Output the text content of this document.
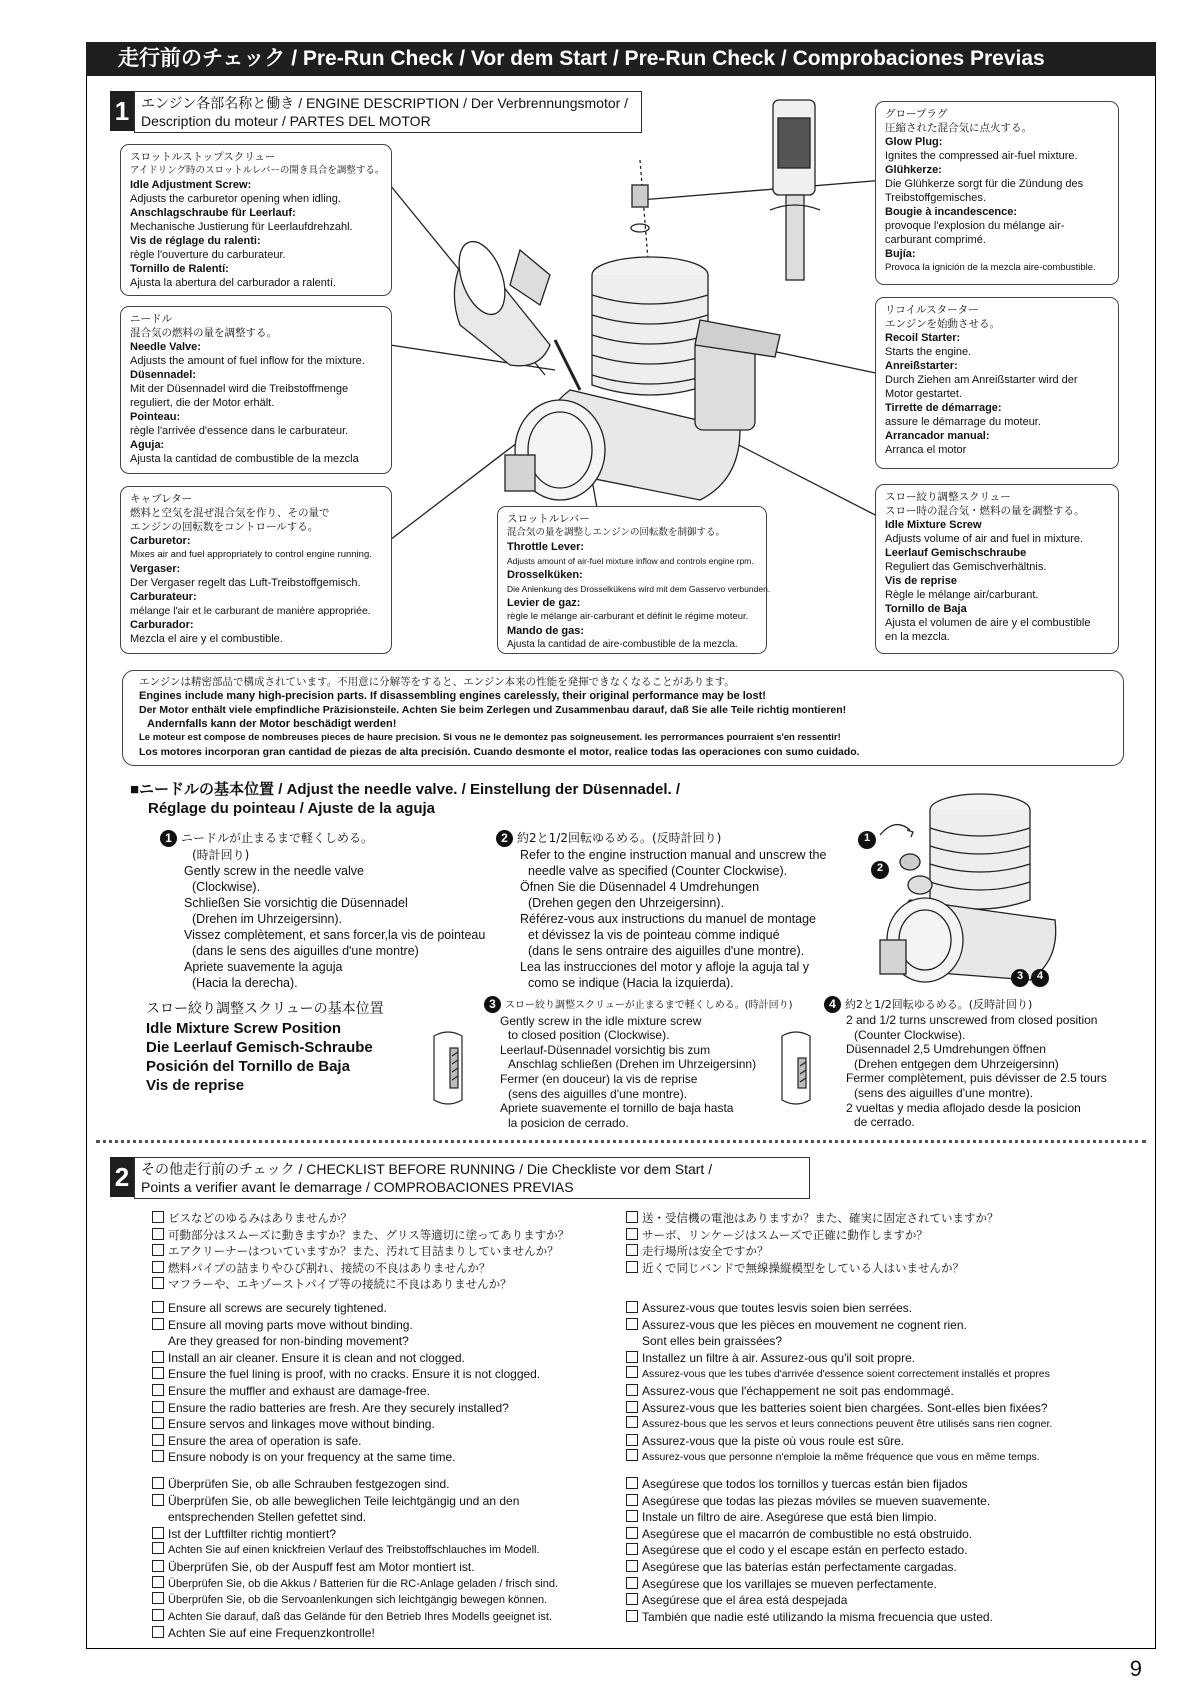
走行前のチェック / Pre-Run Check / Vor dem Start / Pre-Run Check / Comprobaciones Previas
1 エンジン各部名称と働き / ENGINE DESCRIPTION / Der Verbrennungsmotor /
Description du moteur / PARTES DEL MOTOR
スロットルストップスクリュー
アイドリング時のスロットルレバーの開き具合を調整する。
Idle Adjustment Screw:
Adjusts the carburetor opening when idling.
Anschlagschraube für Leerlauf:
Mechanische Justierung für Leerlaufdrehzahl.
Vis de réglage du ralenti:
règle l'ouverture du carburateur.
Tornillo de Ralentí:
Ajusta la abertura del carburador a ralentí.
ニードル
混合気の燃料の量を調整する。
Needle Valve:
Adjusts the amount of fuel inflow for the mixture.
Düsennadel:
Mit der Düsennadel wird die Treibstoffmenge
reguliert, die der Motor erhält.
Pointeau:
règle l'arrivée d'essence dans le carburateur.
Aguja:
Ajusta la cantidad de combustible de la mezcla
キャブレター
燃料と空気を混ぜ混合気を作り、その量で
エンジンの回転数をコントロールする。
Carburetor:
Mixes air and fuel appropriately to control engine running.
Vergaser:
Der Vergaser regelt das Luft-Treibstoffgemisch.
Carburateur:
mélange l'air et le carburant de manière appropriée.
Carburador:
Mezcla el aire y el combustible.
スロットルレバー
混合気の量を調整しエンジンの回転数を制御する。
Throttle Lever:
Adjusts amount of air-fuel mixture inflow and controls engine rpm.
Drosselküken:
Die Anlenkung des Drosselkükens wird mit dem Gasservo verbunden.
Levier de gaz:
règle le mélange air-carburant et définit le régime moteur.
Mando de gas:
Ajusta la cantidad de aire-combustible de la mezcla.
グロープラグ
圧縮された混合気に点火する。
Glow Plug:
Ignites the compressed air-fuel mixture.
Glühkerze:
Die Glühkerze sorgt für die Zündung des
Treibstoffgemisches.
Bougie à incandescence:
provoque l'explosion du mélange air-
carburant comprimé.
Bujía:
Provoca la ignición de la mezcla aire-combustible.
リコイルスターター
エンジンを始動させる。
Recoil Starter:
Starts the engine.
Anreißstarter:
Durch Ziehen am Anreißstarter wird der
Motor gestartet.
Tirrette de démarrage:
assure le démarrage du moteur.
Arrancador manual:
Arranca el motor
スロー絞り調整スクリュー
スロー時の混合気・燃料の量を調整する。
Idle Mixture Screw
Adjusts volume of air and fuel in mixture.
Leerlauf Gemischschraube
Reguliert das Gemischverhältnis.
Vis de reprise
Règle le mélange air/carburant.
Tornillo de Baja
Ajusta el volumen de aire y el combustible
en la mezcla.
エンジンは精密部品で構成されています。不用意に分解等をすると、エンジン本来の性能を発揮できなくなることがあります。
Engines include many high-precision parts. If disassembling engines carelessly, their original performance may be lost!
Der Motor enthält viele empfindliche Präzisionsteile. Achten Sie beim Zerlegen und Zusammenbau darauf, daß Sie alle Teile richtig montieren!
Andernfalls kann der Motor beschädigt werden!
Le moteur est compose de nombreuses pieces de haure precision. Si vous ne le demontez pas soigneusement. les perrormances pourraient s'en ressentir!
Los motores incorporan gran cantidad de piezas de alta precisión. Cuando desmonte el motor, realice todas las operaciones con sumo cuidado.
■ニードルの基本位置 / Adjust the needle valve. / Einstellung der Düsennadel. /
Réglage du pointeau / Ajuste de la aguja
1 ニードルが止まるまで軽くしめる。
(時計回り)
Gently screw in the needle valve
(Clockwise).
Schließen Sie vorsichtig die Düsennadel
(Drehen im Uhrzeigersinn).
Vissez complètement, et sans forcer,la vis de pointeau
(dans le sens des aiguilles d'une montre)
Apriete suavemente la aguja
(Hacia la derecha).
2 約2と1/2回転ゆるめる。(反時計回り)
Refer to the engine instruction manual and unscrew the
needle valve as specified (Counter Clockwise).
Öfnen Sie die Düsennadel 4 Umdrehungen
(Drehen gegen den Uhrzeigersinn).
Référez-vous aux instructions du manuel de montage
et dévissez la vis de pointeau comme indiqué
(dans le sens ontraire des aiguilles d'une montre).
Lea las instrucciones del motor y afloje la aguja tal y
como se indique (Hacia la izquierda).
1
2
3 4
スロー絞り調整スクリューの基本位置
Idle Mixture Screw Position
Die Leerlauf Gemisch-Schraube
Posición del Tornillo de Baja
Vis de reprise
3 スロー絞り調整スクリューが止まるまで軽くしめる。(時計回り)
Gently screw in the idle mixture screw
to closed position (Clockwise).
Leerlauf-Düsennadel vorsichtig bis zum
Anschlag schließen (Drehen im Uhrzeigersinn)
Fermer (en douceur) la vis de reprise
(sens des aiguilles d'une montre).
Apriete suavemente el tornillo de baja hasta
la posicion de cerrado.
4 約2と1/2回転ゆるめる。(反時計回り)
2 and 1/2 turns unscrewed from closed position
(Counter Clockwise).
Düsennadel 2,5 Umdrehungen öffnen
(Drehen entgegen dem Uhrzeigersinn)
Fermer complètement, puis dévisser de 2.5 tours
(sens des aiguilles d'une montre).
2 vueltas y media aflojado desde la posicion
de cerrado.
2 その他走行前のチェック / CHECKLIST BEFORE RUNNING / Die Checkliste vor dem Start /
Points a verifier avant le demarrage / COMPROBACIONES PREVIAS
ビスなどのゆるみはありませんか？
可動部分はスムーズに動きますか？また、グリス等適切に塗ってありますか？
エアクリーナーはついていますか？また、汚れて目詰まりしていませんか？
燃料パイプの詰まりやひび割れ、接続の不良はありませんか？
マフラーや、エキゾーストパイプ等の接続に不良はありませんか？
送・受信機の電池はありますか？また、確実に固定されていますか？
サーボ、リンケージはスムーズで正確に動作しますか？
走行場所は安全ですか？
近くで同じバンドで無線操縦模型をしている人はいませんか？
Ensure all screws are securely tightened.
Ensure all moving parts move without binding.
Are they greased for non-binding movement?
Install an air cleaner. Ensure it is clean and not clogged.
Ensure the fuel lining is proof, with no cracks. Ensure it is not clogged.
Ensure the muffler and exhaust are damage-free.
Ensure the radio batteries are fresh. Are they securely installed?
Ensure servos and linkages move without binding.
Ensure the area of operation is safe.
Ensure nobody is on your frequency at the same time.
Assurez-vous que toutes lesvis soien bien serrées.
Assurez-vous que les pièces en mouvement ne cognent rien.
Sont elles bein graissées?
Installez un filtre à air. Assurez-ous qu'il soit propre.
Assurez-vous que les tubes d'arrivée d'essence soient correctement installés et propres
Assurez-vous que l'échappement ne soit pas endommagé.
Assurez-vous que les batteries soient bien chargées. Sont-elles bien fixées?
Assurez-bous que les servos et leurs connections peuvent être utilisés sans rien cogner.
Assurez-vous que la piste où vous roule est sûre.
Assurez-vous que personne n'emploie la même fréquence que vous en même temps.
Überprüfen Sie, ob alle Schrauben festgezogen sind.
Überprüfen Sie, ob alle beweglichen Teile leichtgängig und an den
entsprechenden Stellen gefettet sind.
Ist der Luftfilter richtig montiert?
Achten Sie auf einen knickfreien Verlauf des Treibstoffschlauches im Modell.
Überprüfen Sie, ob der Auspuff fest am Motor montiert ist.
Überprüfen Sie, ob die Akkus / Batterien für die RC-Anlage geladen / frisch sind.
Überprüfen Sie, ob die Servoanlenkungen sich leichtgängig bewegen können.
Achten Sie darauf, daß das Gelände für den Betrieb Ihres Modells geeignet ist.
Achten Sie auf eine Frequenzkontrolle!
Asegúrese que todos los tornillos y tuercas están bien fijados
Asegúrese que todas las piezas móviles se mueven suavemente.
Instale un filtro de aire. Asegúrese que está bien limpio.
Asegúrese que el macarrón de combustible no está obstruido.
Asegúrese que el codo y el escape están en perfecto estado.
Asegúrese que las baterías están perfectamente cargadas.
Asegúrese que los varillajes se mueven perfectamente.
Asegúrese que el área está despejada
También que nadie esté utilizando la misma frecuencia que usted.
9
